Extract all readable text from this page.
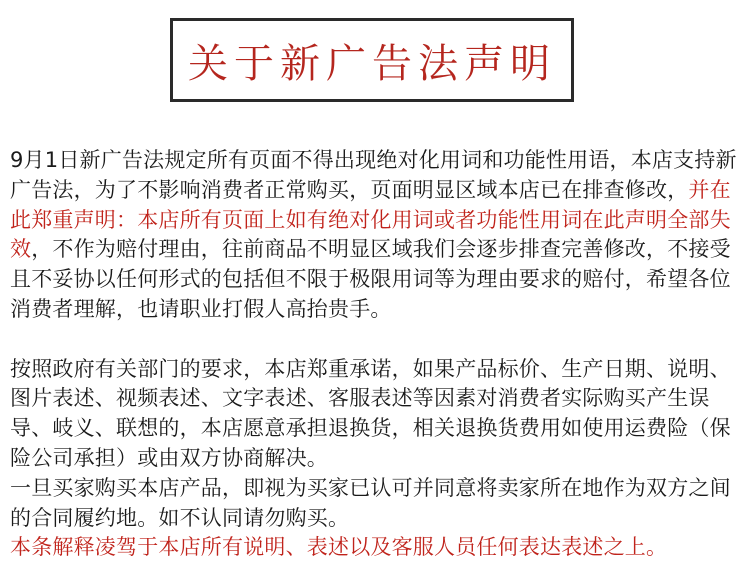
关于新广告法声明

9月1日新广告法规定所有页面不得出现绝对化用词和功能性用语，本店支持新广告法，为了不影响消费者正常购买，页面明显区域本店已在排查修改，并在此郑重声明：本店所有页面上如有绝对化用词或者功能性用词在此声明全部失效，不作为赔付理由，往前商品不明显区域我们会逐步排查完善修改，不接受且不妥协以任何形式的包括但不限于极限用词等为理由要求的赔付，希望各位消费者理解，也请职业打假人高抬贵手。

按照政府有关部门的要求，本店郑重承诺，如果产品标价、生产日期、说明、图片表述、视频表述、文字表述、客服表述等因素对消费者实际购买产生误导、岐义、联想的，本店愿意承担退换货，相关退换货费用如使用运费险（保险公司承担）或由双方协商解决。

一旦买家购买本店产品，即视为买家已认可并同意将卖家所在地作为双方之间的合同履约地。如不认同请勿购买。

本条解释凌驾于本店所有说明、表述以及客服人员任何表达表述之上。
